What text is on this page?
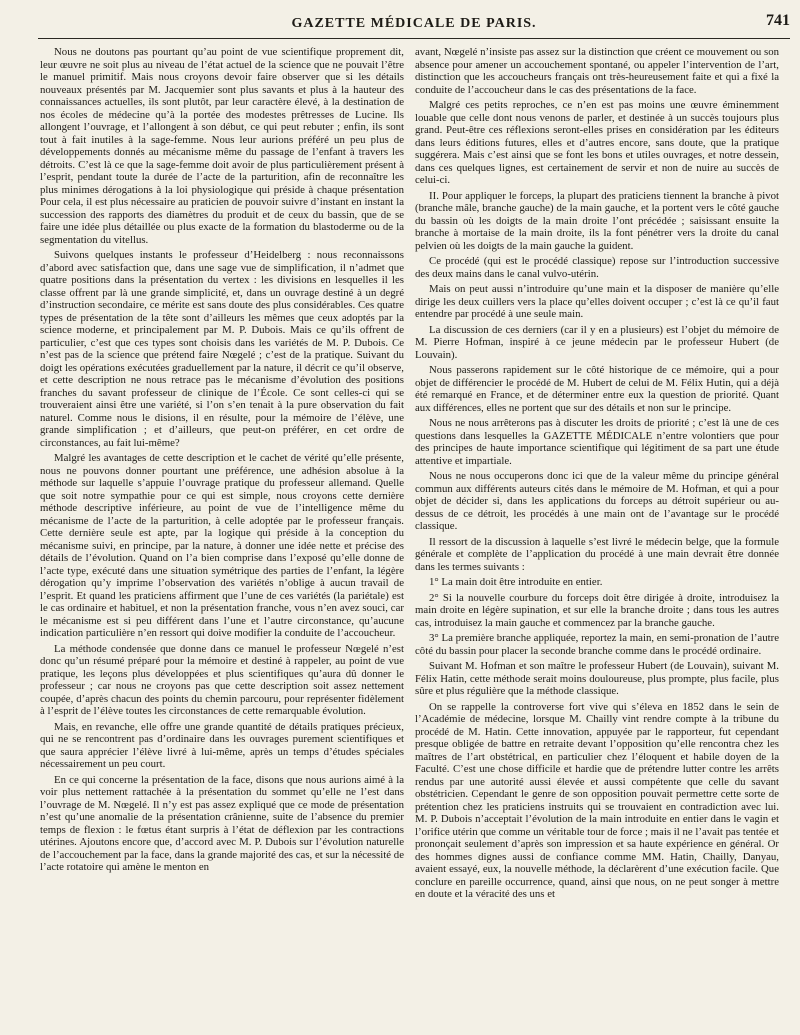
GAZETTE MÉDICALE DE PARIS.	741

Nous ne doutons pas pourtant qu’au point de vue scientifique proprement dit, leur œuvre ne soit plus au niveau de l’état actuel de la science que ne pouvait l’être le manuel primitif. Mais nous croyons devoir faire observer que si les détails nouveaux présentés par M. Jacquemier sont plus savants et plus à la hauteur des connaissances actuelles, ils sont plutôt, par leur caractère élevé, à la destination de nos écoles de médecine qu’à la portée des modestes prêtresses de Lucine. Ils allongent l’ouvrage, et l’allongent à son début, ce qui peut rebuter ; enfin, ils sont tout à fait inutiles à la sage-femme. Nous leur aurions préféré un peu plus de développements donnés au mécanisme même du passage de l’enfant à travers les détroits. C’est là ce que la sage-femme doit avoir de plus particulièrement présent à l’esprit, pendant toute la durée de l’acte de la parturition, afin de reconnaître les plus minimes dérogations à la loi physiologique qui préside à chaque présentation Pour cela, il est plus nécessaire au praticien de pouvoir suivre d’instant en instant la succession des rapports des diamètres du produit et de ceux du bassin, que de se faire une idée plus détaillée ou plus exacte de la formation du blastoderme ou de la segmentation du vitellus.

Suivons quelques instants le professeur d’Heidelberg : nous reconnaissons d’abord avec satisfaction que, dans une sage vue de simplification, il n’admet que quatre positions dans la présentation du vertex : les divisions en lesquelles il les classe offrent par là une grande simplicité, et, dans un ouvrage destiné à un degré d’instruction secondaire, ce mérite est sans doute des plus considérables. Ces quatre types de présentation de la tête sont d’ailleurs les mêmes que ceux adoptés par la science moderne, et principalement par M. P. Dubois. Mais ce qu’ils offrent de particulier, c’est que ces types sont choisis dans les variétés de M. P. Dubois. Ce n’est pas de la science que prétend faire Nœgelé ; c’est de la pratique. Suivant du doigt les opérations exécutées graduellement par la nature, il décrit ce qu’il observe, et cette description ne nous retrace pas le mécanisme d’évolution des positions franches du savant professeur de clinique de l’École. Ce sont celles-ci qui se trouveraient ainsi être une variété, si l’on s’en tenait à la pure observation du fait naturel. Comme nous le disions, il en résulte, pour la mémoire de l’élève, une grande simplification ; et d’ailleurs, que peut-on préférer, en cet ordre de circonstances, au fait lui-même?

Malgré les avantages de cette description et le cachet de vérité qu’elle présente, nous ne pouvons donner pourtant une préférence, une adhésion absolue à la méthode sur laquelle s’appuie l’ouvrage pratique du professeur allemand. Quelle que soit notre sympathie pour ce qui est simple, nous croyons cette dernière méthode descriptive inférieure, au point de vue de l’intelligence même du mécanisme de l’acte de la parturition, à celle adoptée par le professeur français. Cette dernière seule est apte, par la logique qui préside à la conception du mécanisme suivi, en principe, par la nature, à donner une idée nette et précise des détails de l’évolution. Quand on l’a bien comprise dans l’exposé qu’elle donne de l’acte type, exécuté dans une situation symétrique des parties de l’enfant, la légère dérogation qu’y imprime l’observation des variétés n’oblige à aucun travail de l’esprit. Et quand les praticiens affirment que l’une de ces variétés (la pariétale) est le cas ordinaire et habituel, et non la présentation franche, vous n’en avez souci, car le mécanisme est si peu différent dans l’une et l’autre circonstance, qu’aucune indication particulière n’en ressort qui doive modifier la conduite de l’accoucheur.

La méthode condensée que donne dans ce manuel le professeur Nœgelé n’est donc qu’un résumé préparé pour la mémoire et destiné à rappeler, au point de vue pratique, les leçons plus développées et plus scientifiques qu’aura dû donner le professeur ; car nous ne croyons pas que cette description soit assez nettement coupée, d’après chacun des points du chemin parcouru, pour représenter fidèlement à l’esprit de l’élève toutes les circonstances de cette remarquable évolution.

Mais, en revanche, elle offre une grande quantité de détails pratiques précieux, qui ne se rencontrent pas d’ordinaire dans les ouvrages purement scientifiques et que saura apprécier l’élève livré à lui-même, après un temps d’études spéciales nécessairement un peu court.

En ce qui concerne la présentation de la face, disons que nous aurions aimé à la voir plus nettement rattachée à la présentation du sommet qu’elle ne l’est dans l’ouvrage de M. Nœgelé. Il n’y est pas assez expliqué que ce mode de présentation n’est qu’une anomalie de la présentation crânienne, suite de l’absence du premier temps de flexion : le fœtus étant surpris à l’état de déflexion par les contractions utérines. Ajoutons encore que, d’accord avec M. P. Dubois sur l’évolution naturelle de l’accouchement par la face, dans la grande majorité des cas, et sur la nécessité de l’acte rotatoire qui amène le menton en

avant, Nœgelé n’insiste pas assez sur la distinction que créent ce mouvement ou son absence pour amener un accouchement spontané, ou appeler l’intervention de l’art, distinction que les accoucheurs français ont très-heureusement faite et qui a fixé la conduite de l’accoucheur dans le cas des présentations de la face.

Malgré ces petits reproches, ce n’en est pas moins une œuvre éminemment louable que celle dont nous venons de parler, et destinée à un succès toujours plus grand. Peut-être ces réflexions seront-elles prises en considération par les éditeurs dans leurs éditions futures, elles et d’autres encore, sans doute, que la pratique suggérera. Mais c’est ainsi que se font les bons et utiles ouvrages, et notre dessein, dans ces quelques lignes, est certainement de servir et non de nuire au succès de celui-ci.

II. Pour appliquer le forceps, la plupart des praticiens tiennent la branche à pivot (branche mâle, branche gauche) de la main gauche, et la portent vers le côté gauche du bassin où les doigts de la main droite l’ont précédée ; saisissant ensuite la branche à mortaise de la main droite, ils la font pénétrer vers la droite du canal pelvien où les doigts de la main gauche la guident.

Ce procédé (qui est le procédé classique) repose sur l’introduction successive des deux mains dans le canal vulvo-utérin.

Mais on peut aussi n’introduire qu’une main et la disposer de manière qu’elle dirige les deux cuillers vers la place qu’elles doivent occuper ; c’est là ce qu’il faut entendre par procédé à une seule main.

La discussion de ces derniers (car il y en a plusieurs) est l’objet du mémoire de M. Pierre Hofman, inspiré à ce jeune médecin par le professeur Hubert (de Louvain).

Nous passerons rapidement sur le côté historique de ce mémoire, qui a pour objet de différencier le procédé de M. Hubert de celui de M. Félix Hutin, qui a déjà été remarqué en France, et de déterminer entre eux la question de priorité. Quant aux différences, elles ne portent que sur des détails et non sur le principe.

Nous ne nous arrêterons pas à discuter les droits de priorité ; c’est là une de ces questions dans lesquelles la GAZETTE MÉDICALE n’entre volontiers que pour des principes de haute importance scientifique qui légitiment de sa part une étude attentive et impartiale.

Nous ne nous occuperons donc ici que de la valeur même du principe général commun aux différents auteurs cités dans le mémoire de M. Hofman, et qui a pour objet de décider si, dans les applications du forceps au détroit supérieur ou au-dessus de ce détroit, les procédés à une main ont de l’avantage sur le procédé classique.

Il ressort de la discussion à laquelle s’est livré le médecin belge, que la formule générale et complète de l’application du procédé à une main devrait être donnée dans les termes suivants :

1° La main doit être introduite en entier.

2° Si la nouvelle courbure du forceps doit être dirigée à droite, introduisez la main droite en légère supination, et sur elle la branche droite ; dans tous les autres cas, introduisez la main gauche et commencez par la branche gauche.

3° La première branche appliquée, reportez la main, en semi-pronation de l’autre côté du bassin pour placer la seconde branche comme dans le procédé ordinaire.

Suivant M. Hofman et son maître le professeur Hubert (de Louvain), suivant M. Félix Hatin, cette méthode serait moins douloureuse, plus prompte, plus facile, plus sûre et plus régulière que la méthode classique.

On se rappelle la controverse fort vive qui s’éleva en 1852 dans le sein de l’Académie de médecine, lorsque M. Chailly vint rendre compte à la tribune du procédé de M. Hatin. Cette innovation, appuyée par le rapporteur, fut cependant presque obligée de battre en retraite devant l’opposition qu’elle rencontra chez les maîtres de l’art obstétrical, en particulier chez l’éloquent et habile doyen de la Faculté. C’est une chose difficile et hardie que de prétendre lutter contre les arrêts rendus par une autorité aussi élevée et aussi compétente que celle du savant obstétricien. Cependant le genre de son opposition pouvait permettre cette sorte de prétention chez les praticiens instruits qui se trouvaient en contradiction avec lui. M. P. Dubois n’acceptait l’évolution de la main introduite en entier dans le vagin et l’orifice utérin que comme un véritable tour de force ; mais il ne l’avait pas tentée et prononçait seulement d’après son impression et sa haute expérience en général. Or des hommes dignes aussi de confiance comme MM. Hatin, Chailly, Danyau, avaient essayé, eux, la nouvelle méthode, la déclarèrent d’une exécution facile. Que conclure en pareille occurrence, quand, ainsi que nous, on ne peut songer à mettre en doute et la véracité des uns et
